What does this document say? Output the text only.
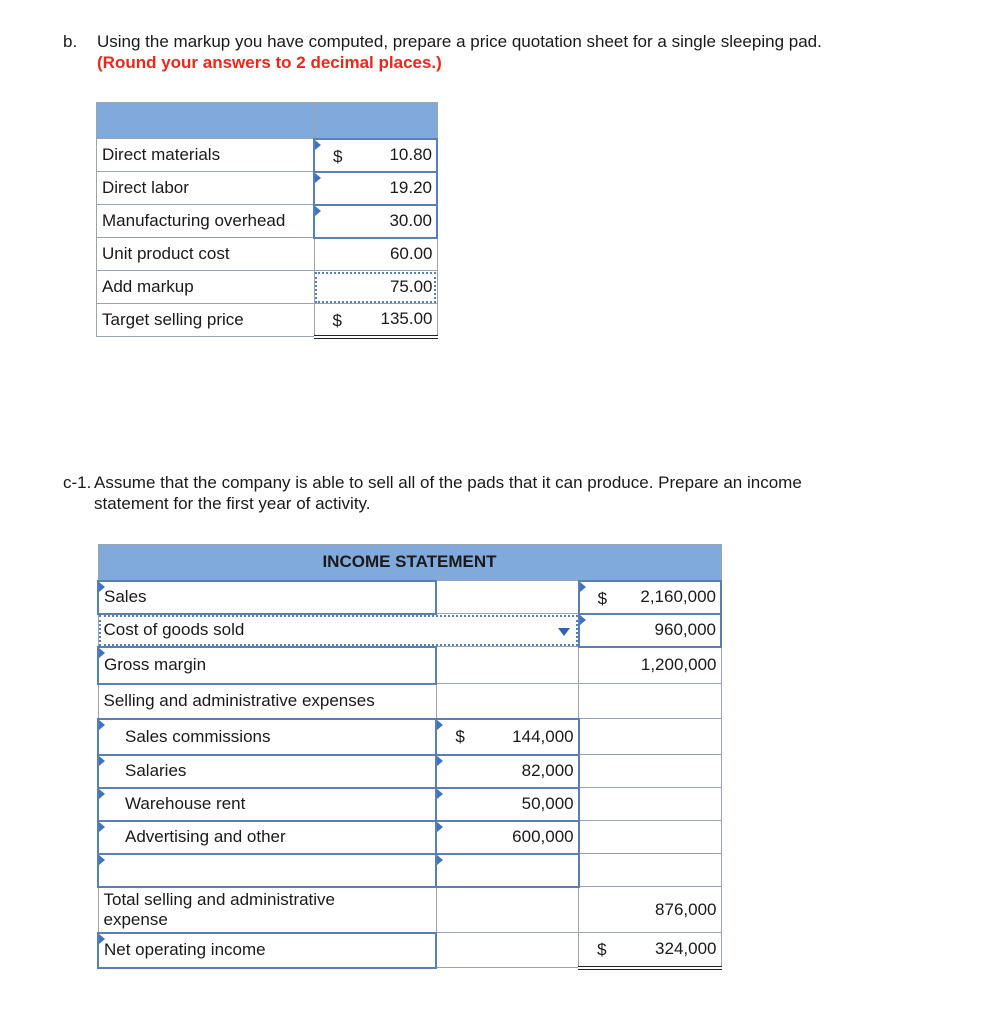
b. Using the markup you have computed, prepare a price quotation sheet for a single sleeping pad.
(Round your answers to 2 decimal places.)

Direct materials	$ 10.80
Direct labor	19.20
Manufacturing overhead	30.00
Unit product cost	60.00
Add markup	75.00
Target selling price	$ 135.00
c-1. Assume that the company is able to sell all of the pads that it can produce. Prepare an income
statement for the first year of activity.
INCOME STATEMENT		
Sales		$ 2,160,000
Cost of goods sold		960,000
Gross margin		1,200,000
Selling and administrative expenses		
Sales commissions	$ 144,000	
Salaries	82,000	
Warehouse rent	50,000	
Advertising and other	600,000	

Total selling and administrative
expense		876,000
Net operating income		$ 324,000
